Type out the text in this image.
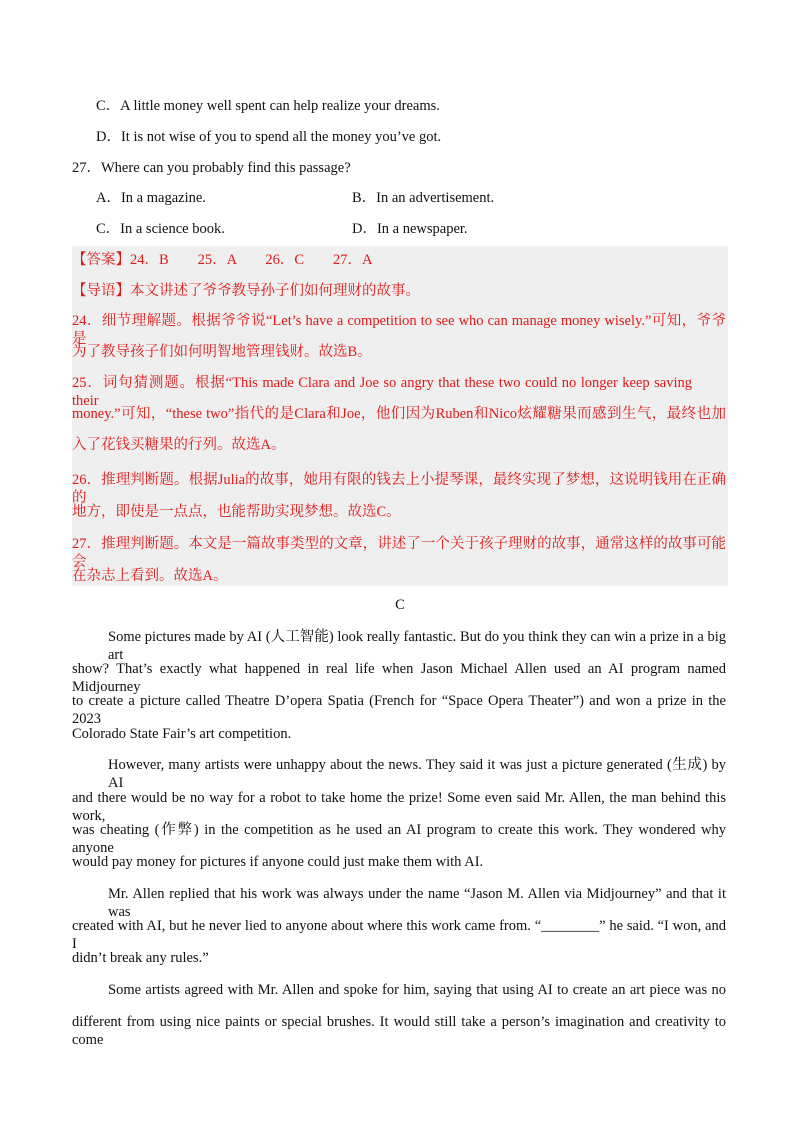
C．A little money well spent can help realize your dreams.
D．It is not wise of you to spend all the money you’ve got.
27．Where can you probably find this passage?
A．In a magazine.	B．In an advertisement.
C．In a science book.	D．In a newspaper.
【答案】24．B　　25．A　　26．C　　27．A
【导语】本文讲述了爷爷教导孙子们如何理财的故事。
24．细节理解题。根据爷爷说“Let’s have a competition to see who can manage money wisely.”可知，爷爷是
为了教导孩子们如何明智地管理钱财。故选B。
25．词句猜测题。根据“This made Clara and Joe so angry that these two could no longer keep saving their
money.”可知，“these two”指代的是Clara和Joe，他们因为Ruben和Nico炫耀糖果而感到生气，最终也加
入了花钱买糖果的行列。故选A。
26．推理判断题。根据Julia的故事，她用有限的钱去上小提琴课，最终实现了梦想，这说明钱用在正确的
地方，即使是一点点，也能帮助实现梦想。故选C。
27．推理判断题。本文是一篇故事类型的文章，讲述了一个关于孩子理财的故事，通常这样的故事可能会
在杂志上看到。故选A。
C
Some pictures made by AI (人工智能) look really fantastic. But do you think they can win a prize in a big art
show? That’s exactly what happened in real life when Jason Michael Allen used an AI program named Midjourney
to create a picture called Theatre D’opera Spatia (French for “Space Opera Theater”) and won a prize in the 2023
Colorado State Fair’s art competition.
However, many artists were unhappy about the news. They said it was just a picture generated (生成) by AI
and there would be no way for a robot to take home the prize! Some even said Mr. Allen, the man behind this work,
was cheating (作弊) in the competition as he used an AI program to create this work. They wondered why anyone
would pay money for pictures if anyone could just make them with AI.
Mr. Allen replied that his work was always under the name “Jason M. Allen via Midjourney” and that it was
created with AI, but he never lied to anyone about where this work came from. “________” he said. “I won, and I
didn’t break any rules.”
Some artists agreed with Mr. Allen and spoke for him, saying that using AI to create an art piece was no
different from using nice paints or special brushes. It would still take a person’s imagination and creativity to come
